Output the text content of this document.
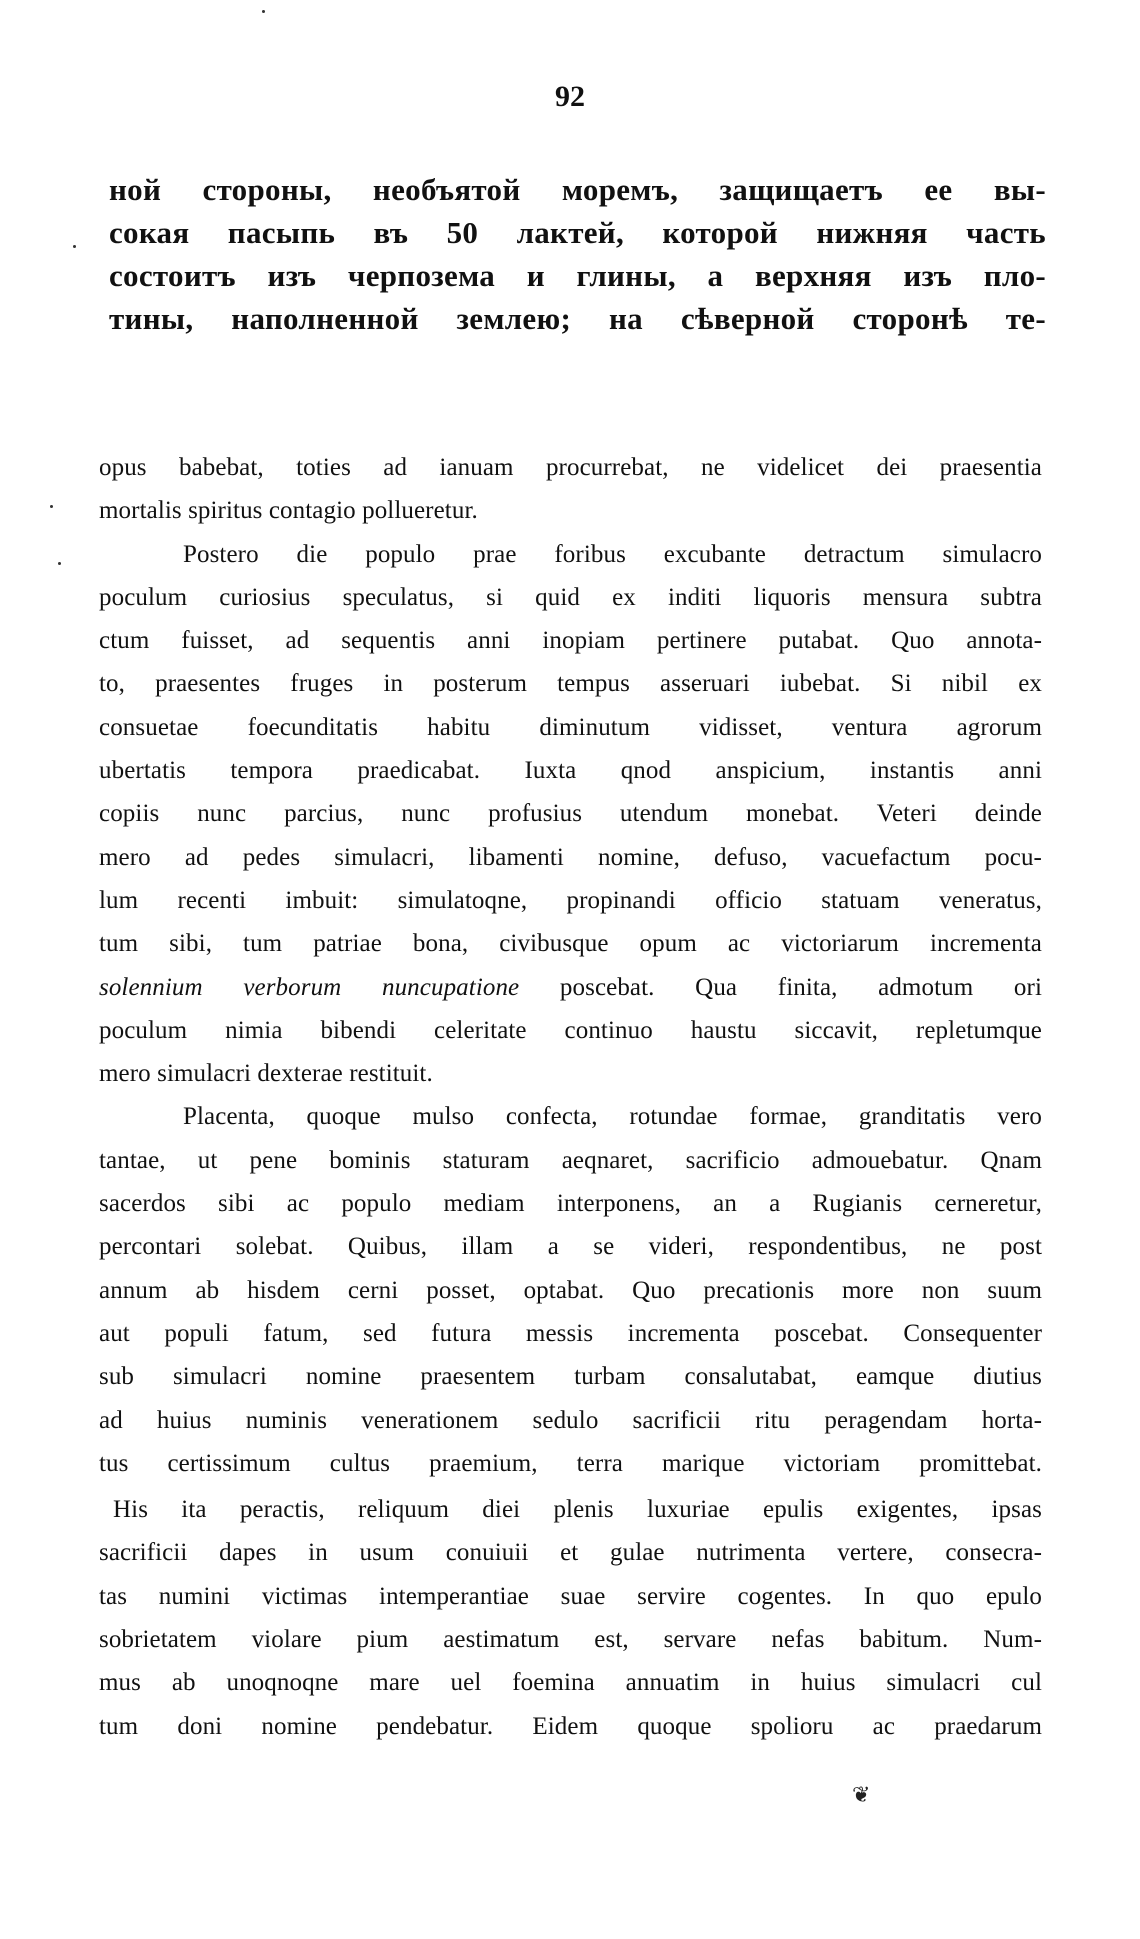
92
ной стороны, необъятой моремъ, защищаетъ ее вы-
сокая пасыпь въ 50 лактей, которой нижняя часть
состоитъ изъ черпозема и глины, а верхняя изъ пло-
тины, наполненной землею; на сѣверной сторонѣ те-
opus babebat, toties ad ianuam procurrebat, ne videlicet dei praesentia
mortalis spiritus contagio pollueretur.
Postero die populo prae foribus excubante detractum simulacro
poculum curiosius speculatus, si quid ex inditi liquoris mensura subtra
ctum fuisset, ad sequentis anni inopiam pertinere putabat. Quo annota-
to, praesentes fruges in posterum tempus asseruari iubebat. Si nibil ex
consuetae foecunditatis habitu diminutum vidisset, ventura agrorum
ubertatis tempora praedicabat. Iuxta qnod anspicium, instantis anni
copiis nunc parcius, nunc profusius utendum monebat. Veteri deinde
mero ad pedes simulacri, libamenti nomine, defuso, vacuefactum pocu-
lum recenti imbuit: simulatoqne, propinandi officio statuam veneratus,
tum sibi, tum patriae bona, civibusque opum ac victoriarum incrementa
solennium verborum nuncupatione poscebat. Qua finita, admotum ori
poculum nimia bibendi celeritate continuo haustu siccavit, repletumque
mero simulacri dexterae restituit.
Placenta, quoque mulso confecta, rotundae formae, granditatis vero
tantae, ut pene bominis staturam aeqnaret, sacrificio admouebatur. Qnam
sacerdos sibi ac populo mediam interponens, an a Rugianis cerneretur,
percontari solebat. Quibus, illam a se videri, respondentibus, ne post
annum ab hisdem cerni posset, optabat. Quo precationis more non suum
aut populi fatum, sed futura messis incrementa poscebat. Consequenter
sub simulacri nomine praesentem turbam consalutabat, eamque diutius
ad huius numinis venerationem sedulo sacrificii ritu peragendam horta-
tus certissimum cultus praemium, terra marique victoriam promittebat.
His ita peractis, reliquum diei plenis luxuriae epulis exigentes, ipsas
sacrificii dapes in usum conuiuii et gulae nutrimenta vertere, consecra-
tas numini victimas intemperantiae suae servire cogentes. In quo epulo
sobrietatem violare pium aestimatum est, servare nefas babitum. Num-
mus ab unoqnoqne mare uel foemina annuatim in huius simulacri cul
tum doni nomine pendebatur. Eidem quoque spolioru ac praedarum
❦
